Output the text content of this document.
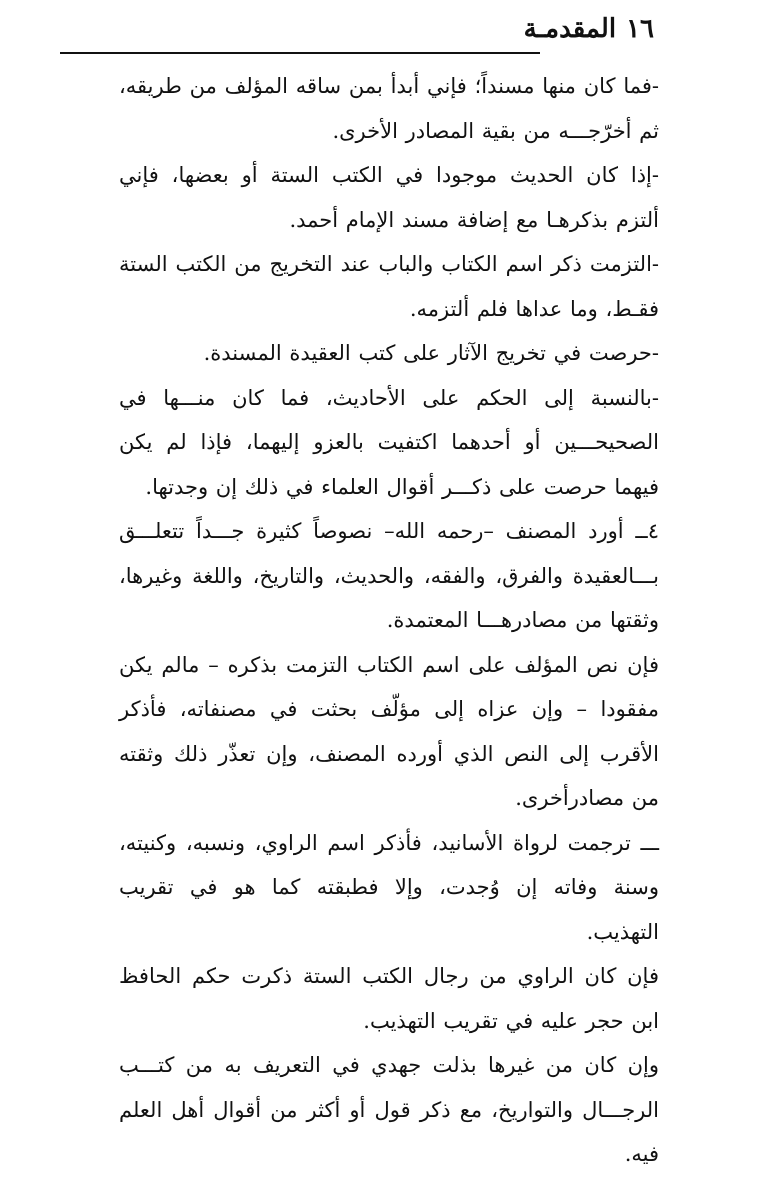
١٦
المقدمـة

-فما كان منها مسنداً؛ فإني أبدأ بمن ساقه المؤلف من طريقه، ثم أخرّجـــه من بقية المصادر الأخرى.

-إذا كان الحديث موجودا في الكتب الستة أو بعضها، فإني ألتزم بذكرهـا مع إضافة مسند الإمام أحمد.

-التزمت ذكر اسم الكتاب والباب عند التخريج من الكتب الستة فقـط، وما عداها فلم ألتزمه.

-حرصت في تخريج الآثار على كتب العقيدة المسندة.

-بالنسبة إلى الحكم على الأحاديث، فما كان منـــها في الصحيحـــين أو أحدهما اكتفيت بالعزو إليهما، فإذا لم يكن فيهما حرصت على ذكـــر أقوال العلماء في ذلك إن وجدتها.

٤ــ أورد المصنف –رحمه الله– نصوصاً كثيرة جـــداً تتعلـــق بـــالعقيدة والفرق، والفقه، والحديث، والتاريخ، واللغة وغيرها، وثقتها من مصادرهـــا المعتمدة.

فإن نص المؤلف على اسم الكتاب التزمت بذكره – مالم يكن مفقودا – وإن عزاه إلى مؤلّف بحثت في مصنفاته، فأذكر الأقرب إلى النص الذي أورده المصنف، وإن تعذّر ذلك وثقته من مصادرأخرى.

ـــ ترجمت لرواة الأسانيد، فأذكر اسم الراوي، ونسبه، وكنيته، وسنة وفاته إن وُجدت، وإلا فطبقته كما هو في تقريب التهذيب.

فإن كان الراوي من رجال الكتب الستة ذكرت حكم الحافظ ابن حجر عليه في تقريب التهذيب.

وإن كان من غيرها بذلت جهدي في التعريف به من كتـــب الرجـــال والتواريخ، مع ذكر قول أو أكثر من أقوال أهل العلم فيه.
